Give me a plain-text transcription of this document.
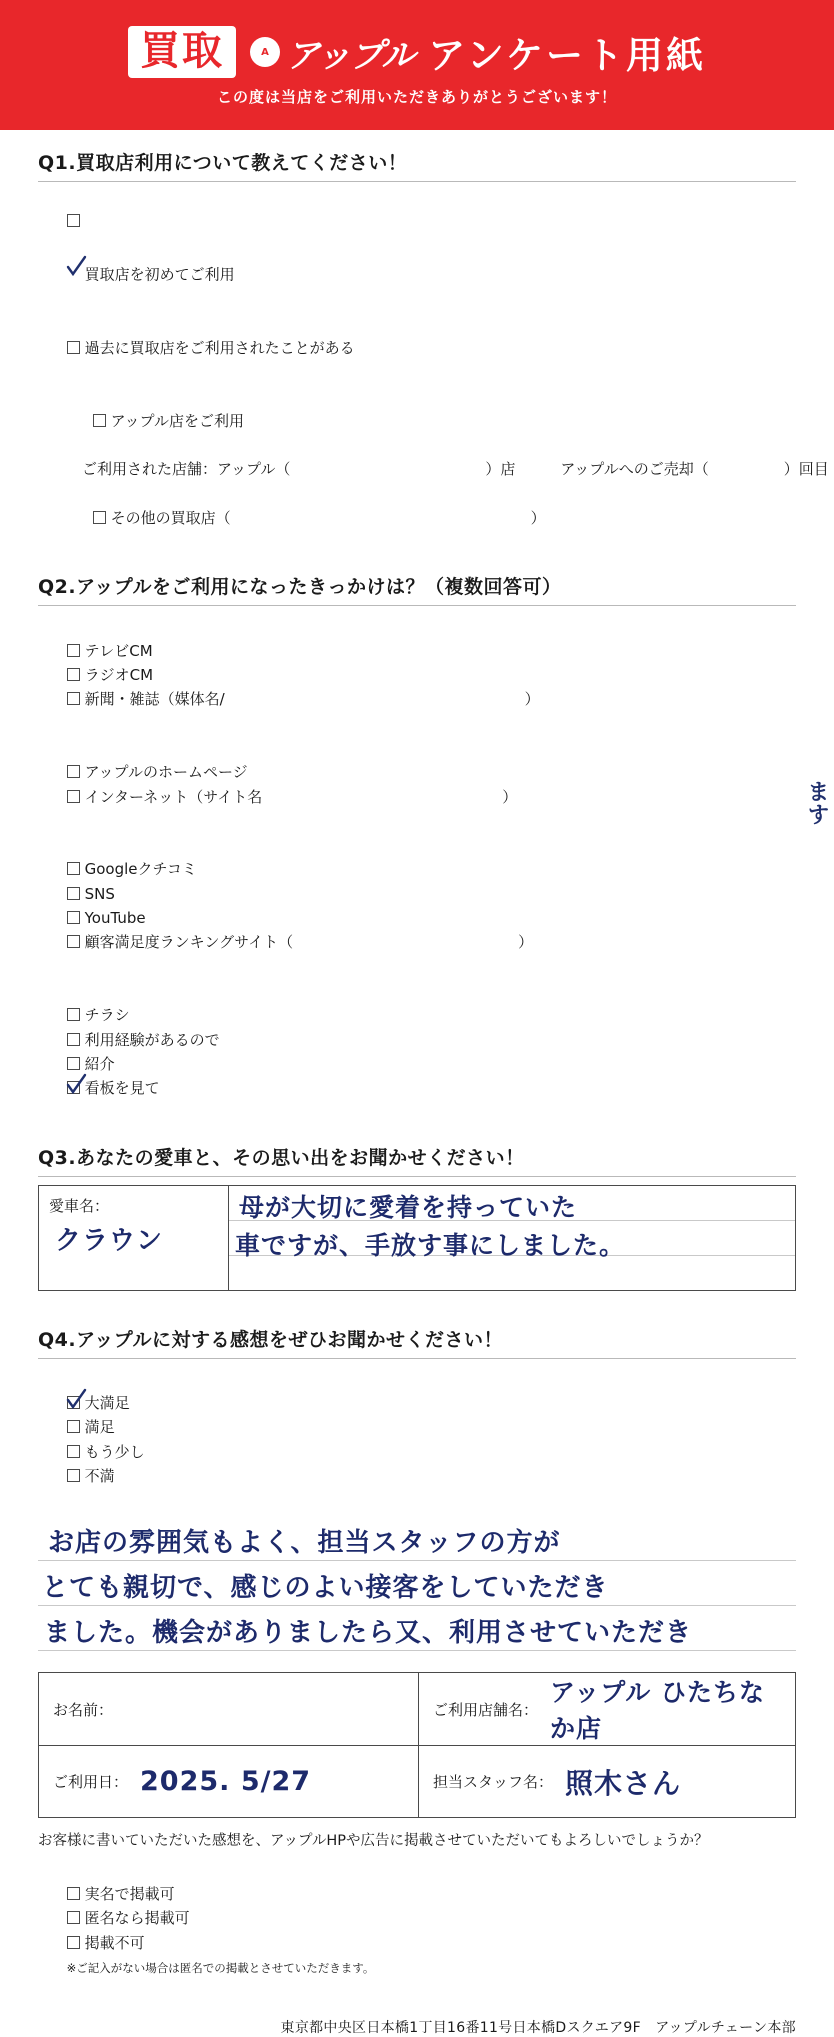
買取	A アップル アンケート用紙
この度は当店をご利用いただきありがとうございます！
Q1.買取店利用について教えてください！

買取店を初めてご利用

過去に買取店をご利用されたことがある

アップル店をご利用

ご利用された店舗：アップル（　　　　　　　　　　　　　）店　　　アップルへのご売却（　　　　　）回目

その他の買取店（　　　　　　　　　　　　　　　　　　　　）

Q2.アップルをご利用になったきっかけは？（複数回答可）

テレビCM
ラジオCM
新聞・雑誌（媒体名/　　　　　　　　　　　　　　　　　　　　）

アップルのホームページ
インターネット（サイト名　　　　　　　　　　　　　　　　）

Googleクチコミ
SNS
YouTube
顧客満足度ランキングサイト（　　　　　　　　　　　　　　　）

チラシ
利用経験があるので
紹介

看板を見て

Q3.あなたの愛車と、その思い出をお聞かせください！
愛車名：
クラウン
母が大切に愛着を持っていた
車ですが、手放す事にしました。
Q4.アップルに対する感想をぜひお聞かせください！

大満足
満足
もう少し
不満

お店の雰囲気もよく、担当スタッフの方が
とても親切で、感じのよい接客をしていただき
ました。機会がありましたら又、利用させていただき
お名前：	ご利用店舗名：
アップル ひたちなか店
ご利用日： 2025. 5/27	担当スタッフ名： 照木さん
お客様に書いていただいた感想を、アップルHPや広告に掲載させていただいてもよろしいでしょうか？

実名で掲載可
匿名なら掲載可
掲載不可
※ご記入がない場合は匿名での掲載とさせていただきます。

東京都中央区日本橋1丁目16番11号日本橋Dスクエア9F　アップルチェーン本部
ます
